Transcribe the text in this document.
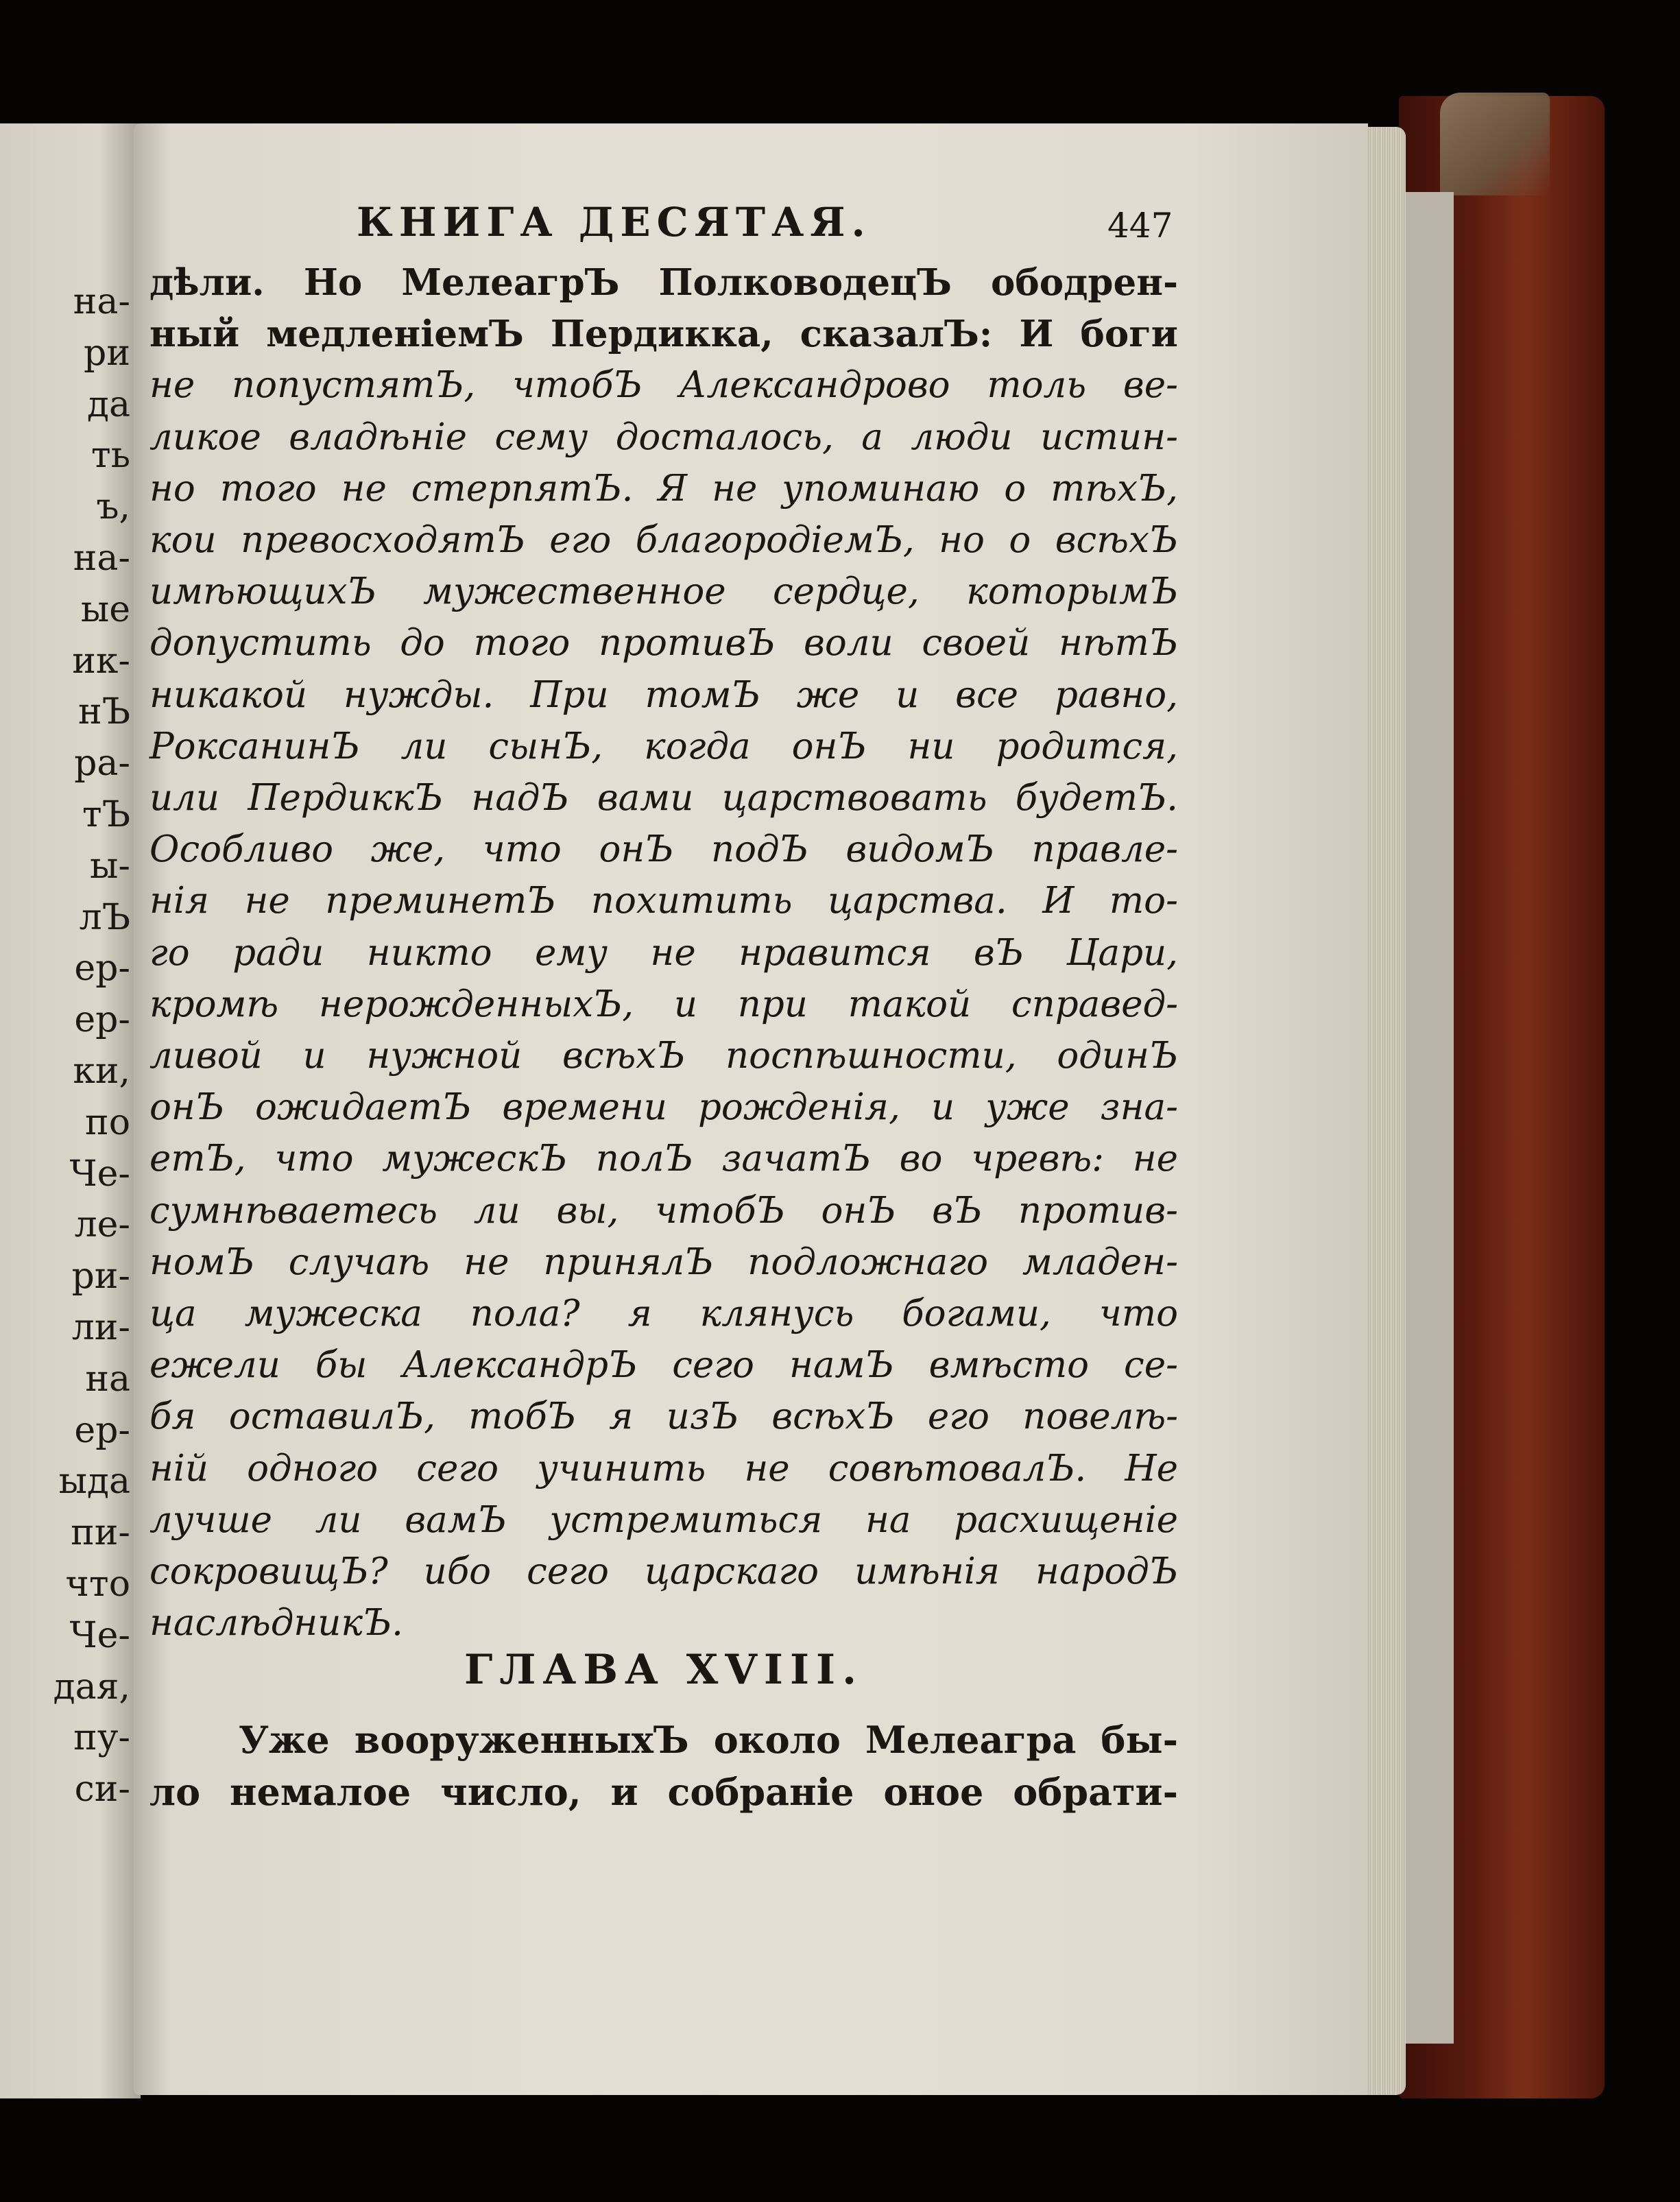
на-
ри
да
ть
ъ,
на-
ые
ик-
нЪ
ра-
тЪ
ы-
лЪ
ер-
ер-
ки,
по
Че-
ле-
ри-
ли-
на
ер-
ыда
пи-
что
Че-
дая,
пу-
си-
КНИГА ДЕСЯТАЯ.	447
дѣли. Но МелеагрЪ ПолководецЪ ободрен-
ный медленіемЪ Пердикка, сказалЪ: И боги
не попустятЪ, чтобЪ Александрово толь ве-
ликое владѣніе сему досталось, а люди истин-
но того не стерпятЪ. Я не упоминаю о тѣхЪ,
кои превосходятЪ его благородіемЪ, но о всѣхЪ
имѣющихЪ мужественное сердце, которымЪ
допустить до того противЪ воли своей нѣтЪ
никакой нужды. При томЪ же и все равно,
РоксанинЪ ли сынЪ, когда онЪ ни родится,
или ПердиккЪ надЪ вами царствовать будетЪ.
Особливо же, что онЪ подЪ видомЪ правле-
нія не преминетЪ похитить царства. И то-
го ради никто ему не нравится вЪ Цари,
кромѣ нерожденныхЪ, и при такой справед-
ливой и нужной всѣхЪ поспѣшности, одинЪ
онЪ ожидаетЪ времени рожденія, и уже зна-
етЪ, что мужескЪ полЪ зачатЪ во чревѣ: не
сумнѣваетесь ли вы, чтобЪ онЪ вЪ против-
номЪ случаѣ не принялЪ подложнаго младен-
ца мужеска пола? я клянусь богами, что
ежели бы АлександрЪ сего намЪ вмѣсто се-
бя оставилЪ, тобЪ я изЪ всѣхЪ его повелѣ-
ній одного сего учинить не совѣтовалЪ. Не
лучше ли вамЪ устремиться на расхищеніе
сокровищЪ? ибо сего царскаго имѣнія народЪ
наслѣдникЪ.
ГЛАВА XVIII.
Уже вооруженныхЪ около Мелеагра бы-
ло немалое число, и собраніе оное обрати-
